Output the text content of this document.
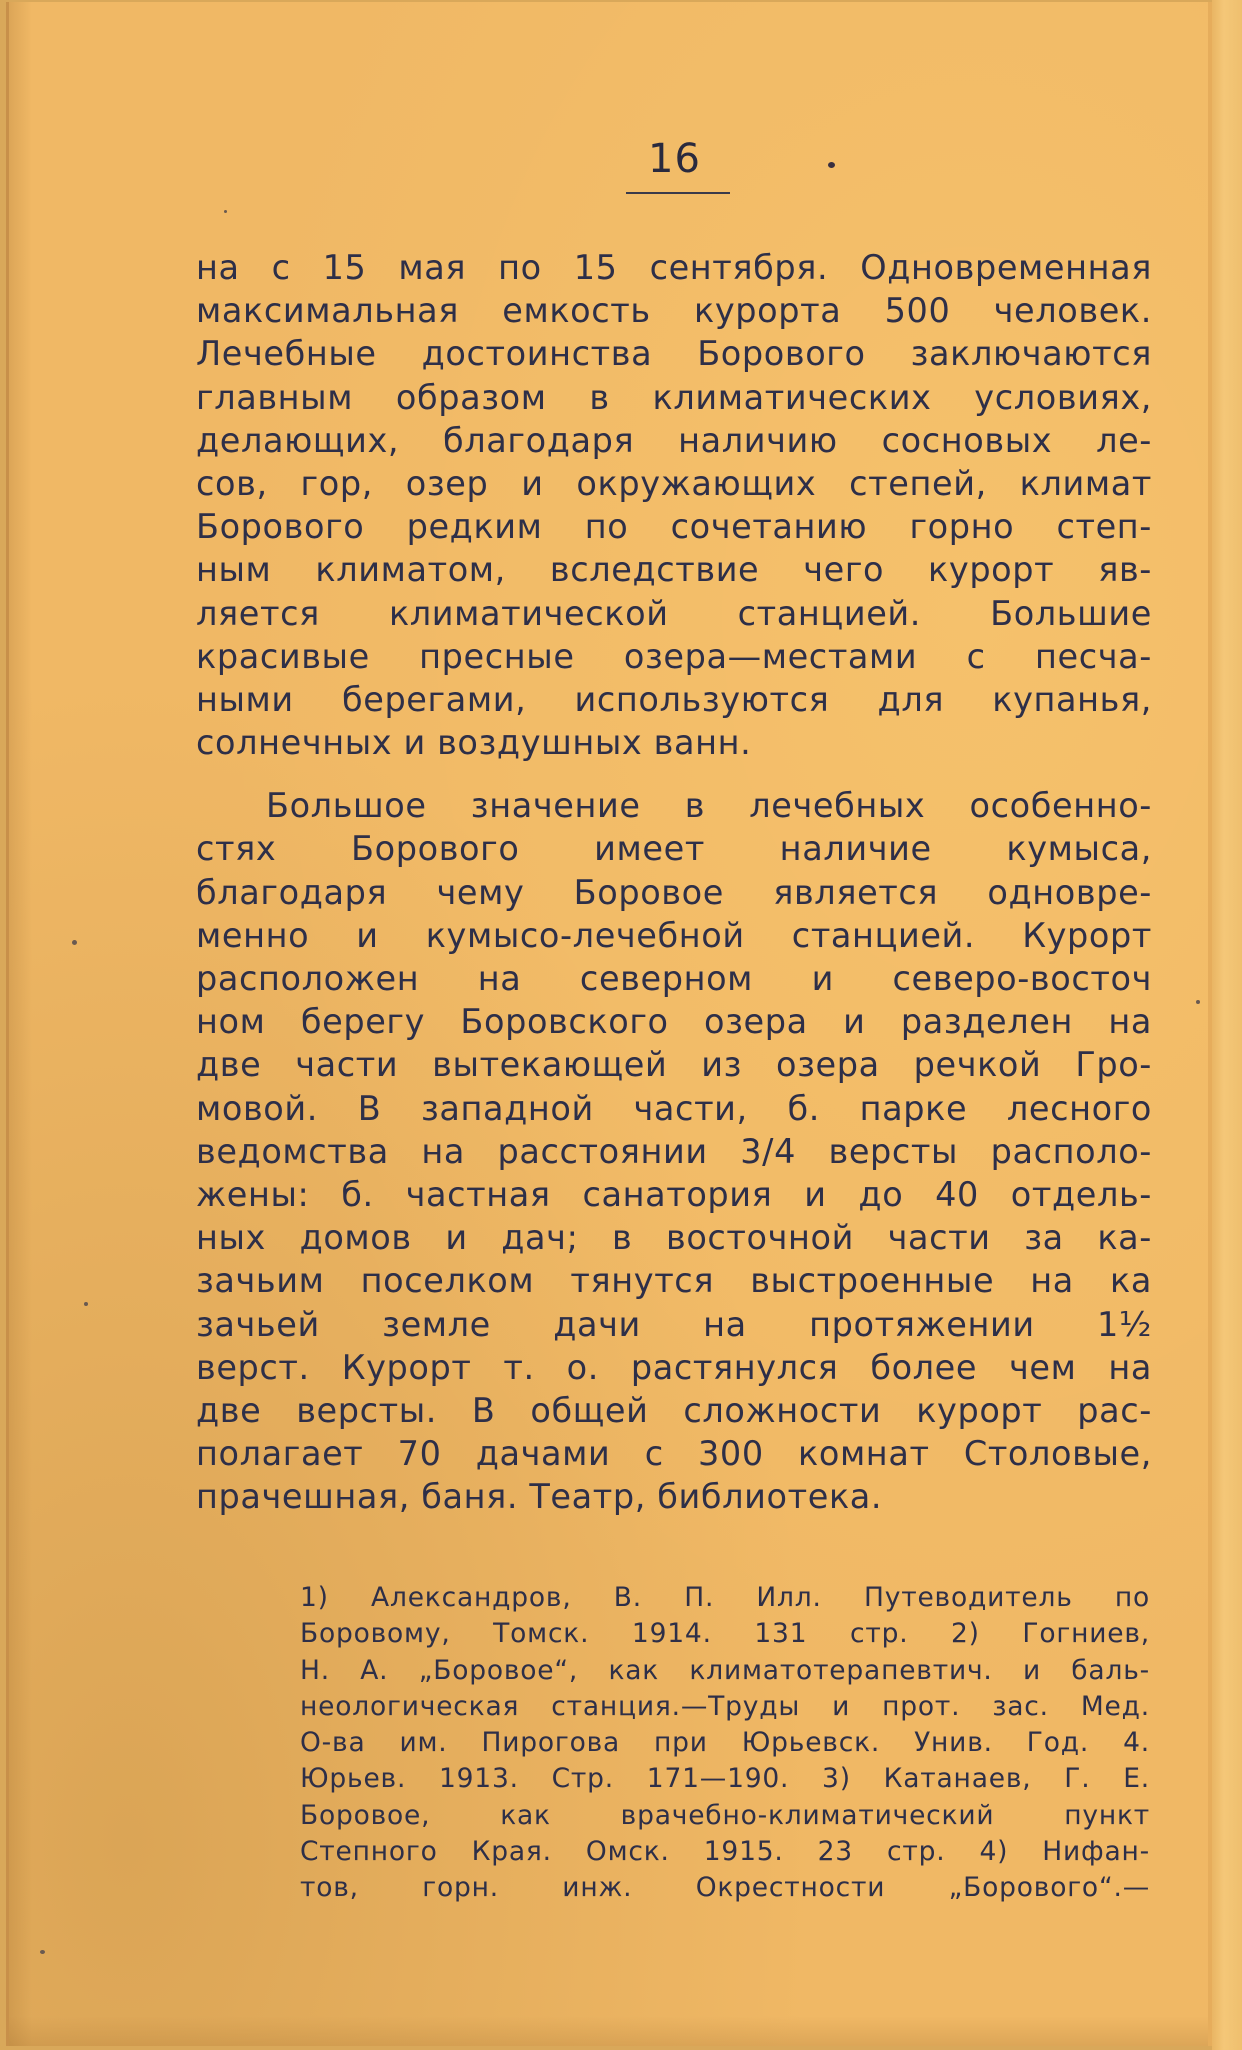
16
на с 15 мая по 15 сентября. Одновременная
максимальная емкость курорта 500 человек.
Лечебные достоинства Борового заключаются
главным образом в климатических условиях,
делающих, благодаря наличию сосновых ле-
сов, гор, озер и окружающих степей, климат
Борового редким по сочетанию горно степ-
ным климатом, вследствие чего курорт яв-
ляется климатической станцией. Большие
красивые пресные озера—местами с песча-
ными берегами, используются для купанья,
солнечных и воздушных ванн.
Большое значение в лечебных особенно-
стях Борового имеет наличие кумыса,
благодаря чему Боровое является одновре-
менно и кумысо-лечебной станцией. Курорт
расположен на северном и северо-восточ
ном берегу Боровского озера и разделен на
две части вытекающей из озера речкой Гро-
мовой. В западной части, б. парке лесного
ведомства на расстоянии 3/4 версты располо-
жены: б. частная санатория и до 40 отдель-
ных домов и дач; в восточной части за ка-
зачьим поселком тянутся выстроенные на ка
зачьей земле дачи на протяжении 1½
верст. Курорт т. о. растянулся более чем на
две версты. В общей сложности курорт рас-
полагает 70 дачами с 300 комнат Столовые,
прачешная, баня. Театр, библиотека.
1) Александров, В. П. Илл. Путеводитель по
Боровому, Томск. 1914. 131 стр. 2) Гогниев,
Н. А. „Боровое“, как климатотерапевтич. и баль-
неологическая станция.—Труды и прот. зас. Мед.
О-ва им. Пирогова при Юрьевск. Унив. Год. 4.
Юрьев. 1913. Стр. 171—190. 3) Катанаев, Г. Е.
Боровое, как врачебно-климатический пункт
Степного Края. Омск. 1915. 23 стр. 4) Нифан-
тов, горн. инж. Окрестности „Борового“.—
